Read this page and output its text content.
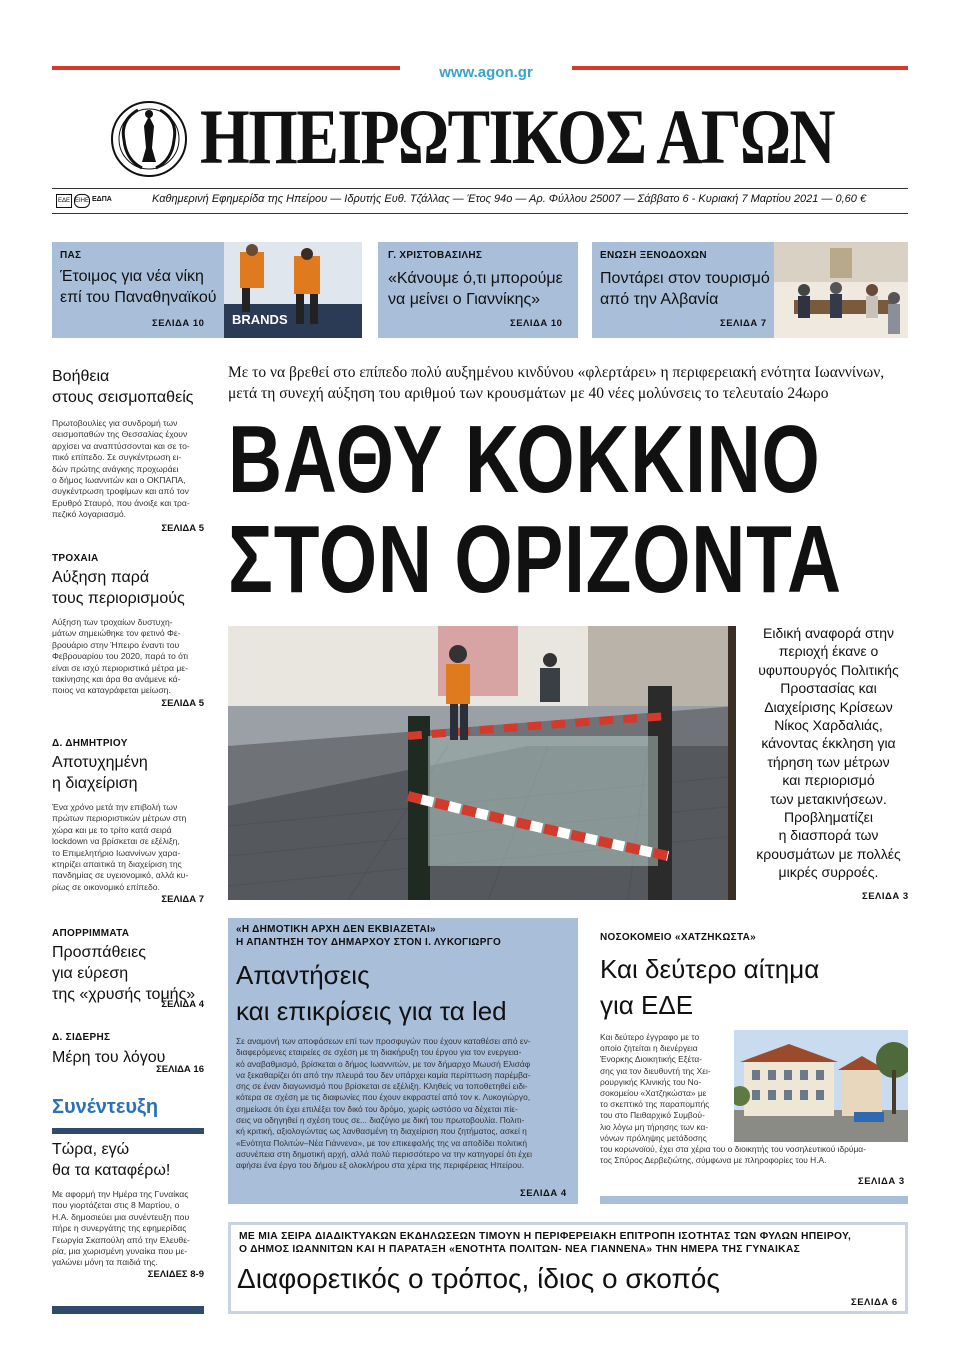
www.agon.gr
ΗΠΕΙΡΩΤΙΚΟΣ ΑΓΩΝ
ΕΔΕ ΕΙΗΕ ΕΔΠΑ	Καθημερινή Εφημερίδα της Ηπείρου — Ιδρυτής Ευθ. Τζάλλας — Έτος 94ο — Αρ. Φύλλου 25007 — Σάββατο 6 - Κυριακή 7 Μαρτίου 2021 — 0,60 €
ΠΑΣ
Έτοιμος για νέα νίκη
επί του Παναθηναϊκού
ΣΕΛΙΔΑ 10 BRANDS
Γ. ΧΡΙΣΤΟΒΑΣΙΛΗΣ
«Κάνουμε ό,τι μπορούμε
να μείνει ο Γιαννίκης»
ΣΕΛΙΔΑ 10
ΕΝΩΣΗ ΞΕΝΟΔΟΧΩΝ
Ποντάρει στον τουρισμό
από την Αλβανία
ΣΕΛΙΔΑ 7
Βοήθεια
στους σεισμοπαθείς
Πρωτοβουλίες για συνδρομή των
σεισμοπαθών της Θεσσαλίας έχουν
αρχίσει να αναπτύσσονται και σε το-
πικό επίπεδο. Σε συγκέντρωση ει-
δών πρώτης ανάγκης προχωράει
ο δήμος Ιωαννιτών και ο ΟΚΠΑΠΑ,
συγκέντρωση τροφίμων και από τον
Ερυθρό Σταυρό, που άνοιξε και τρα-
πεζικό λογαριασμό.
ΣΕΛΙΔΑ 5
ΤΡΟΧΑΙΑ
Αύξηση παρά
τους περιορισμούς
Αύξηση των τροχαίων δυστυχη-
μάτων σημειώθηκε τον φετινό Φε-
βρουάριο στην Ήπειρο έναντι του
Φεβρουαρίου του 2020, παρά το ότι
είναι σε ισχύ περιοριστικά μέτρα με-
τακίνησης και άρα θα ανάμενε κά-
ποιος να καταγράφεται μείωση.
ΣΕΛΙΔΑ 5
Δ. ΔΗΜΗΤΡΙΟΥ
Αποτυχημένη
η διαχείριση
Ένα χρόνο μετά την επιβολή των
πρώτων περιοριστικών μέτρων στη
χώρα και με το τρίτο κατά σειρά
lockdown να βρίσκεται σε εξέλιξη,
το Επιμελητήριο Ιωαννίνων χαρα-
κτηρίζει απαιτικά τη διαχείριση της
πανδημίας σε υγειονομικό, αλλά κυ-
ρίως σε οικονομικό επίπεδο.
ΣΕΛΙΔΑ 7
ΑΠΟΡΡΙΜΜΑΤΑ
Προσπάθειες
για εύρεση
της «χρυσής τομής»
ΣΕΛΙΔΑ 4
Δ. ΣΙΔΕΡΗΣ
Μέρη του λόγου
ΣΕΛΙΔΑ 16
Συνέντευξη
Τώρα, εγώ
θα τα καταφέρω!
Με αφορμή την Ημέρα της Γυναίκας
που γιορτάζεται στις 8 Μαρτίου, ο
Η.Α. δημοσιεύει μια συνέντευξη που
πήρε η συνεργάτης της εφημερίδας
Γεωργία Σκαπούλη από την Ελευθε-
ρία, μια χωρισμένη γυναίκα που με-
γαλώνει μόνη τα παιδιά της.
ΣΕΛΙΔΕΣ 8-9
Με το να βρεθεί στο επίπεδο πολύ αυξημένου κινδύνου «φλερτάρει» η περιφερειακή ενότητα Ιωαννίνων,
μετά τη συνεχή αύξηση του αριθμού των κρουσμάτων με 40 νέες μολύνσεις το τελευταίο 24ωρο
ΒΑΘΥ ΚΟΚΚΙΝΟ
ΣΤΟΝ ΟΡΙΖΟΝΤΑ
Ειδική αναφορά στην
περιοχή έκανε ο
υφυπουργός Πολιτικής
Προστασίας και
Διαχείρισης Κρίσεων
Νίκος Χαρδαλιάς,
κάνοντας έκκληση για
τήρηση των μέτρων
και περιορισμό
των μετακινήσεων.
Προβληματίζει
η διασπορά των
κρουσμάτων με πολλές
μικρές συρροές.
ΣΕΛΙΔΑ 3
«Η ΔΗΜΟΤΙΚΗ ΑΡΧΗ ΔΕΝ ΕΚΒΙΑΖΕΤΑΙ»
Η ΑΠΑΝΤΗΣΗ ΤΟΥ ΔΗΜΑΡΧΟΥ ΣΤΟΝ Ι. ΛΥΚΟΓΙΩΡΓΟ
Απαντήσεις
και επικρίσεις για τα led
Σε αναμονή των αποφάσεων επί των προσφυγών που έχουν καταθέσει από εν-
διαφερόμενες εταιρείες σε σχέση με τη διακήρυξη του έργου για τον ενεργεια-
κό αναβαθμισμό, βρίσκεται ο δήμος Ιωαννιτών, με τον δήμαρχο Μωυσή Ελισάφ
να ξεκαθαρίζει ότι από την πλευρά του δεν υπάρχει καμία περίπτωση παρέμβα-
σης σε έναν διαγωνισμό που βρίσκεται σε εξέλιξη. Κληθείς να τοποθετηθεί ειδι-
κότερα σε σχέση με τις διαφωνίες που έχουν εκφραστεί από τον κ. Λυκογιώργο,
σημείωσε ότι έχει επιλέξει τον δικό του δρόμο, χωρίς ωστόσο να δέχεται πίε-
σεις να οδηγηθεί η σχέση τους σε... διαζύγιο με δική του πρωτοβουλία. Πολιτι-
κή κριτική, αξιολογώντας ως λανθασμένη τη διαχείριση που ζητήματος, ασκεί η
«Ενότητα Πολιτών–Νέα Γιάννενα», με τον επικεφαλής της να αποδίδει πολιτική
ασυνέπεια στη δημοτική αρχή, αλλά πολύ περισσότερο να την κατηγορεί ότι έχει
αφήσει ένα έργο του δήμου εξ ολοκλήρου στα χέρια της περιφέρειας Ηπείρου.
ΣΕΛΙΔΑ 4
ΝΟΣΟΚΟΜΕΙΟ «ΧΑΤΖΗΚΩΣΤΑ»
Και δεύτερο αίτημα
για ΕΔΕ
Και δεύτερο έγγραφο με το
οποίο ζητείται η διενέργεια
Ένορκης Διοικητικής Εξέτα-
σης για τον διευθυντή της Χει-
ρουργικής Κλινικής του Νο-
σοκομείου «Χατζηκώστα» με
το σκεπτικό της παραπομπής
του στο Πειθαρχικό Συμβού-
λιο λόγω μη τήρησης των κα-
νόνων πρόληψης μετάδοσης
του κορωνοϊού, έχει στα χέρια του ο διοικητής του νοσηλευτικού ιδρύμα-
τος Σπύρος Δερβεζιώτης, σύμφωνα με πληροφορίες του Η.Α.
ΣΕΛΙΔΑ 3
ΜΕ ΜΙΑ ΣΕΙΡΑ ΔΙΑΔΙΚΤΥΑΚΩΝ ΕΚΔΗΛΩΣΕΩΝ ΤΙΜΟΥΝ Η ΠΕΡΙΦΕΡΕΙΑΚΗ ΕΠΙΤΡΟΠΗ ΙΣΟΤΗΤΑΣ ΤΩΝ ΦΥΛΩΝ ΗΠΕΙΡΟΥ,
Ο ΔΗΜΟΣ ΙΩΑΝΝΙΤΩΝ ΚΑΙ Η ΠΑΡΑΤΑΞΗ «ΕΝΟΤΗΤΑ ΠΟΛΙΤΩΝ- ΝΕΑ ΓΙΑΝΝΕΝΑ» ΤΗΝ ΗΜΕΡΑ ΤΗΣ ΓΥΝΑΙΚΑΣ
Διαφορετικός ο τρόπος, ίδιος ο σκοπός
ΣΕΛΙΔΑ 6
